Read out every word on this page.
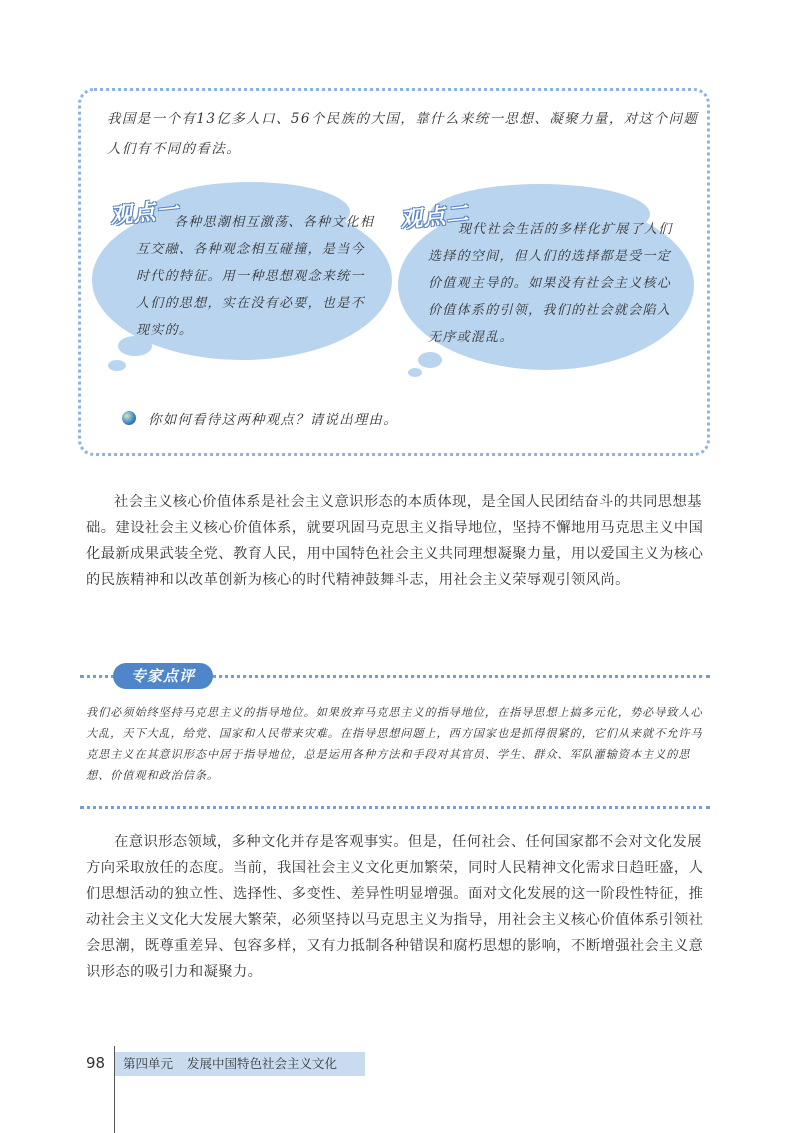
我国是一个有13亿多人口、56个民族的大国，靠什么来统一思想、凝聚力量，对这个问题人们有不同的看法。
观点一
各种思潮相互激荡、各种文化相互交融、各种观念相互碰撞，是当今时代的特征。用一种思想观念来统一人们的思想，实在没有必要，也是不现实的。
观点二
现代社会生活的多样化扩展了人们选择的空间，但人们的选择都是受一定价值观主导的。如果没有社会主义核心价值体系的引领，我们的社会就会陷入无序或混乱。
你如何看待这两种观点？请说出理由。

社会主义核心价值体系是社会主义意识形态的本质体现，是全国人民团结奋斗的共同思想基础。建设社会主义核心价值体系，就要巩固马克思主义指导地位，坚持不懈地用马克思主义中国化最新成果武装全党、教育人民，用中国特色社会主义共同理想凝聚力量，用以爱国主义为核心的民族精神和以改革创新为核心的时代精神鼓舞斗志，用社会主义荣辱观引领风尚。

专家点评
我们必须始终坚持马克思主义的指导地位。如果放弃马克思主义的指导地位，在指导思想上搞多元化，势必导致人心大乱，天下大乱，给党、国家和人民带来灾难。在指导思想问题上，西方国家也是抓得很紧的，它们从来就不允许马克思主义在其意识形态中居于指导地位，总是运用各种方法和手段对其官员、学生、群众、军队灌输资本主义的思想、价值观和政治信条。

在意识形态领域，多种文化并存是客观事实。但是，任何社会、任何国家都不会对文化发展方向采取放任的态度。当前，我国社会主义文化更加繁荣，同时人民精神文化需求日趋旺盛，人们思想活动的独立性、选择性、多变性、差异性明显增强。面对文化发展的这一阶段性特征，推动社会主义文化大发展大繁荣，必须坚持以马克思主义为指导，用社会主义核心价值体系引领社会思潮，既尊重差异、包容多样，又有力抵制各种错误和腐朽思想的影响，不断增强社会主义意识形态的吸引力和凝聚力。

98	第四单元 发展中国特色社会主义文化
